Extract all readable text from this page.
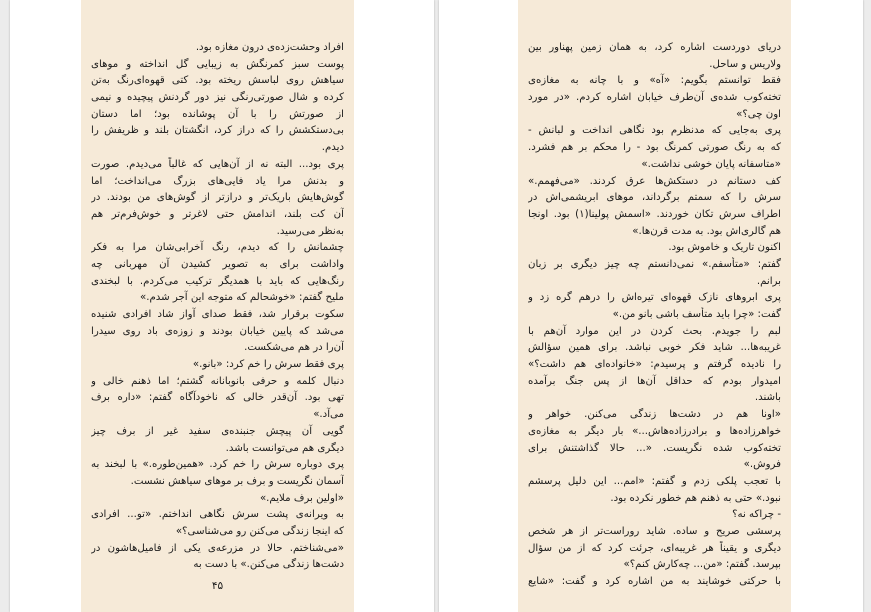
افراد وحشت‌زده‌ی درون مغازه بود.
پوست سبز کمرنگش به زیبایی گل انداخته و موهای
سیاهش روی لباسش ریخته بود. کتی قهوه‌ای‌رنگ به‌تن
کرده و شال صورتی‌رنگی نیز دور گردنش پیچیده و نیمی
از صورتش را با آن پوشانده بود؛ اما دستان
بی‌دستکشش را که دراز کرد، انگشتان بلند و ظریفش را
دیدم.
پری بود... البته نه از آن‌هایی که غالباً می‌دیدم. صورت
و بدنش مرا یاد فایی‌های بزرگ می‌انداخت؛ اما
گوش‌هایش باریک‌تر و درازتر از گوش‌های من بودند. در
آن کت بلند، اندامش حتی لاغرتر و خوش‌فرم‌تر هم
به‌نظر می‌رسید.
چشمانش را که دیدم، رنگ آخرابی‌شان مرا به فکر
واداشت برای به تصویر کشیدن آن مهربانی چه
رنگ‌هایی که باید با همدیگر ترکیب می‌کردم. با لبخندی
ملیح گفتم: «خوشحالم که متوجه این آجر شدم.»
سکوت برقرار شد، فقط صدای آواز شاد افرادی شنیده
می‌شد که پایین خیابان بودند و زوزه‌ی باد روی سیدرا
آن‌را در هم می‌شکست.
پری فقط سرش را خم کرد: «بانو.»
دنبال کلمه و حرفی بانوبانانه گشتم؛ اما ذهنم خالی و
تهی بود. آن‌قدر خالی که ناخودآگاه گفتم: «داره برف
می‌آد.»
گویی آن پیچش جنبنده‌ی سفید غیر از برف چیز
دیگری هم می‌توانست باشد.
پری دوباره سرش را خم کرد. «همین‌طوره.» با لبخند به
آسمان نگریست و برف بر موهای سیاهش نشست.
«اولین برف ملایم.»
به ویرانه‌ی پشت سرش نگاهی انداختم. «تو... افرادی
که اینجا زندگی می‌کنن رو می‌شناسی؟»
«می‌شناختم. حالا در مزرعه‌ی یکی از فامیل‌هاشون در
دشت‌ها زندگی می‌کنن.» با دست به
۴۵
دریای دوردست اشاره کرد، به همان زمین پهناور بین
ولاریس و ساحل.
فقط توانستم بگویم: «آه» و با چانه به مغازه‌ی
تخته‌کوب شده‌ی آن‌طرف خیابان اشاره کردم. «در مورد
اون چی؟»
پری به‌جایی که مدنظرم بود نگاهی انداخت و لبانش -
که به رنگ صورتی کمرنگ بود - را محکم بر هم فشرد.
«متاسفانه پایان خوشی نداشت.»
کف دستانم در دستکش‌ها عرق کردند. «می‌فهمم.»
سرش را که سمتم برگرداند، موهای ابریشمی‌اش در
اطراف سرش تکان خوردند. «اسمش پولینا(۱) بود. اونجا
هم گالری‌اش بود. به مدت قرن‌ها.»
اکنون تاریک و خاموش بود.
گفتم: «متأسفم.» نمی‌دانستم چه چیز دیگری بر زبان
برانم.
پری ابروهای نازک قهوه‌ای تیره‌اش را درهم گره زد و
گفت: «چرا باید متأسف باشی بانو من.»
لبم را جویدم. بحث کردن در این موارد آن‌هم با
غریبه‌ها... شاید فکر خوبی نباشد. برای همین سؤالش
را نادیده گرفتم و پرسیدم: «خانواده‌ای هم داشت؟»
امیدوار بودم که حداقل آن‌ها از پس جنگ برآمده
باشند.
«اونا هم در دشت‌ها زندگی می‌کنن. خواهر و
خواهرزاده‌ها و برادرزاده‌هاش...» بار دیگر به مغازه‌ی
تخته‌کوب شده نگریست. «... حالا گذاشتنش برای
فروش.»
با تعجب پلکی زدم و گفتم: «امم... این دلیل پرسشم
نبود.» حتی به ذهنم هم خطور نکرده بود.
- چراکه نه؟
پرسشی صریح و ساده. شاید روراست‌تر از هر شخص
دیگری و یقیناً هر غریبه‌ای، جرئت کرد که از من سؤال
بپرسد. گفتم: «من... چه‌کارش کنم؟»
با حرکتی خوشایند به من اشاره کرد و گفت: «شایع
